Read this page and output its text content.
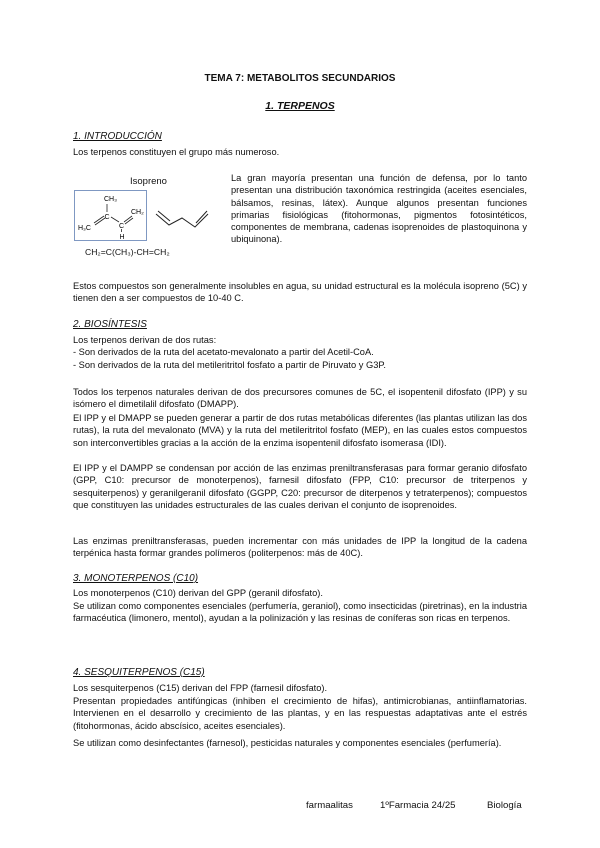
TEMA 7: METABOLITOS SECUNDARIOS
1. TERPENOS
1. INTRODUCCIÓN
Los terpenos constituyen el grupo más numeroso.
Isopreno
CH₃
C
H₃C	C
CH₂
H
CH₂=C(CH₃)-CH=CH₂
La gran mayoría presentan una función de defensa, por lo tanto presentan una distribución taxonómica restringida (aceites esenciales, bálsamos, resinas, látex). Aunque algunos presentan funciones primarias fisiológicas (fitohormonas, pigmentos fotosintéticos, componentes de membrana, cadenas isoprenoides de plastoquinona y ubiquinona).
Estos compuestos son generalmente insolubles en agua, su unidad estructural es la molécula isopreno (5C) y tienen den a ser compuestos de 10-40 C.
2. BIOSÍNTESIS
Los terpenos derivan de dos rutas:
- Son derivados de la ruta del acetato-mevalonato a partir del Acetil-CoA.
- Son derivados de la ruta del metileritritol fosfato a partir de Piruvato y G3P.
Todos los terpenos naturales derivan de dos precursores comunes de 5C, el isopentenil difosfato (IPP) y su isómero el dimetilalil difosfato (DMAPP).
El IPP y el DMAPP se pueden generar a partir de dos rutas metabólicas diferentes (las plantas utilizan las dos rutas), la ruta del mevalonato (MVA) y la ruta del metileritritol fosfato (MEP), en las cuales estos compuestos son interconvertibles gracias a la acción de la enzima isopentenil difosfato isomerasa (IDI).
El IPP y el DAMPP se condensan por acción de las enzimas preniltransferasas para formar geranio difosfato (GPP, C10: precursor de monoterpenos), farnesil difosfato (FPP, C10: precursor de triterpenos y sesquiterpenos) y geranilgeranil difosfato (GGPP, C20: precursor de diterpenos y tetraterpenos); compuestos que constituyen las unidades estructurales de las cuales derivan el conjunto de isoprenoides.
Las enzimas preniltransferasas, pueden incrementar con más unidades de IPP la longitud de la cadena terpénica hasta formar grandes polímeros (politerpenos: más de 40C).
3. MONOTERPENOS (C10)
Los monoterpenos (C10) derivan del GPP (geranil difosfato).
Se utilizan como componentes esenciales (perfumería, geraniol), como insecticidas (piretrinas), en la industria farmacéutica (limonero, mentol), ayudan a la polinización y las resinas de coníferas son ricas en terpenos.
4. SESQUITERPENOS (C15)
Los sesquiterpenos (C15) derivan del FPP (farnesil difosfato).
Presentan propiedades antifúngicas (inhiben el crecimiento de hifas), antimicrobianas, antiinflamatorias. Intervienen en el desarrollo y crecimiento de las plantas, y en las respuestas adaptativas ante el estrés (fitohormonas, ácido abscísico, aceites esenciales).
Se utilizan como desinfectantes (farnesol), pesticidas naturales y componentes esenciales (perfumería).
farmaalitas	1ºFarmacia 24/25	Biología
